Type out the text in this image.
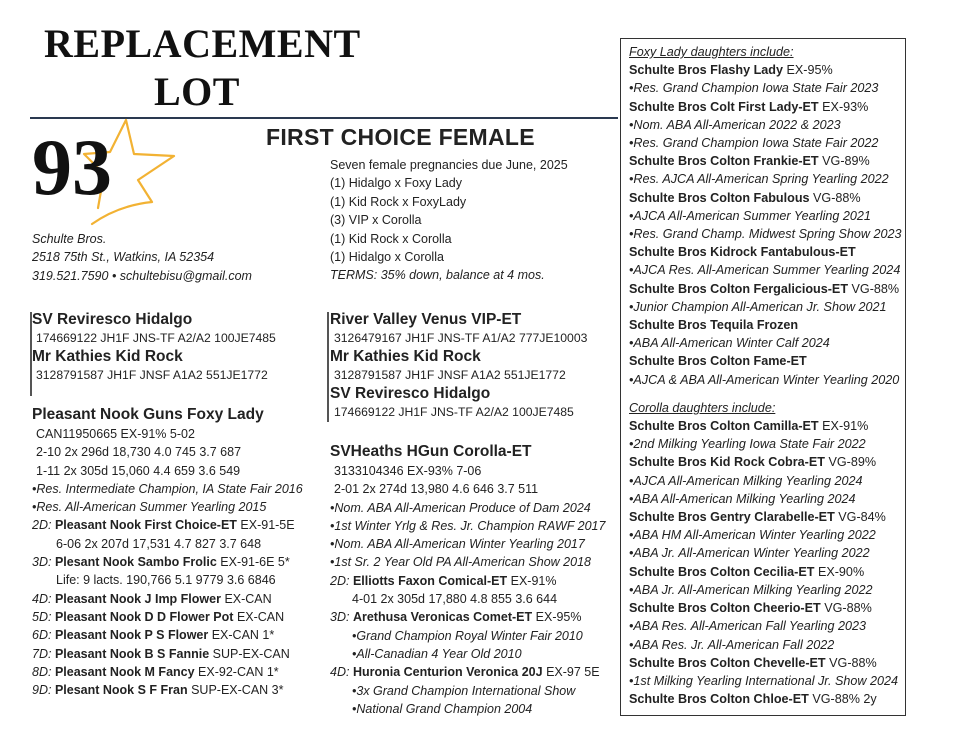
REPLACEMENT
LOT
93	FIRST CHOICE FEMALE
Schulte Bros.
2518 75th St., Watkins, IA 52354
319.521.7590 • schultebisu@gmail.com
Seven female pregnancies due June, 2025
(1) Hidalgo x Foxy Lady
(1) Kid Rock x FoxyLady
(3) VIP x Corolla
(1) Kid Rock x Corolla
(1) Hidalgo x Corolla
TERMS: 35% down, balance at 4 mos.
SV Reviresco Hidalgo
174669122 JH1F JNS-TF A2/A2 100JE7485
Mr Kathies Kid Rock
3128791587 JH1F JNSF A1A2 551JE1772
Pleasant Nook Guns Foxy Lady
CAN11950665 EX-91% 5-02
2-10 2x 296d 18,730 4.0 745 3.7 687
1-11 2x 305d 15,060 4.4 659 3.6 549
•Res. Intermediate Champion, IA State Fair 2016
•Res. All-American Summer Yearling 2015
2D: Pleasant Nook First Choice-ET EX-91-5E
6-06 2x 207d 17,531 4.7 827 3.7 648
3D: Plesant Nook Sambo Frolic EX-91-6E 5*
Life: 9 lacts. 190,766 5.1 9779 3.6 6846
4D: Pleasant Nook J Imp Flower EX-CAN
5D: Pleasant Nook D D Flower Pot EX-CAN
6D: Pleasant Nook P S Flower EX-CAN 1*
7D: Pleasant Nook B S Fannie SUP-EX-CAN
8D: Pleasant Nook M Fancy EX-92-CAN 1*
9D: Plesant Nook S F Fran SUP-EX-CAN 3*
River Valley Venus VIP-ET
3126479167 JH1F JNS-TF A1/A2 777JE10003
Mr Kathies Kid Rock
3128791587 JH1F JNSF A1A2 551JE1772
SV Reviresco Hidalgo
174669122 JH1F JNS-TF A2/A2 100JE7485
SVHeaths HGun Corolla-ET
3133104346 EX-93% 7-06
2-01 2x 274d 13,980 4.6 646 3.7 511
•Nom. ABA All-American Produce of Dam 2024
•1st Winter Yrlg & Res. Jr. Champion RAWF 2017
•Nom. ABA All-American Winter Yearling 2017
•1st Sr. 2 Year Old PA All-American Show 2018
2D: Elliotts Faxon Comical-ET EX-91%
4-01 2x 305d 17,880 4.8 855 3.6 644
3D: Arethusa Veronicas Comet-ET EX-95%
•Grand Champion Royal Winter Fair 2010
•All-Canadian 4 Year Old 2010
4D: Huronia Centurion Veronica 20J EX-97 5E
•3x Grand Champion International Show
•National Grand Champion 2004
Foxy Lady daughters include:
Schulte Bros Flashy Lady EX-95%
•Res. Grand Champion Iowa State Fair 2023
Schulte Bros Colt First Lady-ET EX-93%
•Nom. ABA All-American 2022 & 2023
•Res. Grand Champion Iowa State Fair 2022
Schulte Bros Colton Frankie-ET VG-89%
•Res. AJCA All-American Spring Yearling 2022
Schulte Bros Colton Fabulous VG-88%
•AJCA All-American Summer Yearling 2021
•Res. Grand Champ. Midwest Spring Show 2023
Schulte Bros Kidrock Fantabulous-ET
•AJCA Res. All-American Summer Yearling 2024
Schulte Bros Colton Fergalicious-ET VG-88%
•Junior Champion All-American Jr. Show 2021
Schulte Bros Tequila Frozen
•ABA All-American Winter Calf 2024
Schulte Bros Colton Fame-ET
•AJCA & ABA All-American Winter Yearling 2020
Corolla daughters include:
Schulte Bros Colton Camilla-ET EX-91%
•2nd Milking Yearling Iowa State Fair 2022
Schulte Bros Kid Rock Cobra-ET VG-89%
•AJCA All-American Milking Yearling 2024
•ABA All-American Milking Yearling 2024
Schulte Bros Gentry Clarabelle-ET VG-84%
•ABA HM All-American Winter Yearling 2022
•ABA Jr. All-American Winter Yearling 2022
Schulte Bros Colton Cecilia-ET EX-90%
•ABA Jr. All-American Milking Yearling 2022
Schulte Bros Colton Cheerio-ET VG-88%
•ABA Res. All-American Fall Yearling 2023
•ABA Res. Jr. All-American Fall 2022
Schulte Bros Colton Chevelle-ET VG-88%
•1st Milking Yearling International Jr. Show 2024
Schulte Bros Colton Chloe-ET VG-88% 2y
